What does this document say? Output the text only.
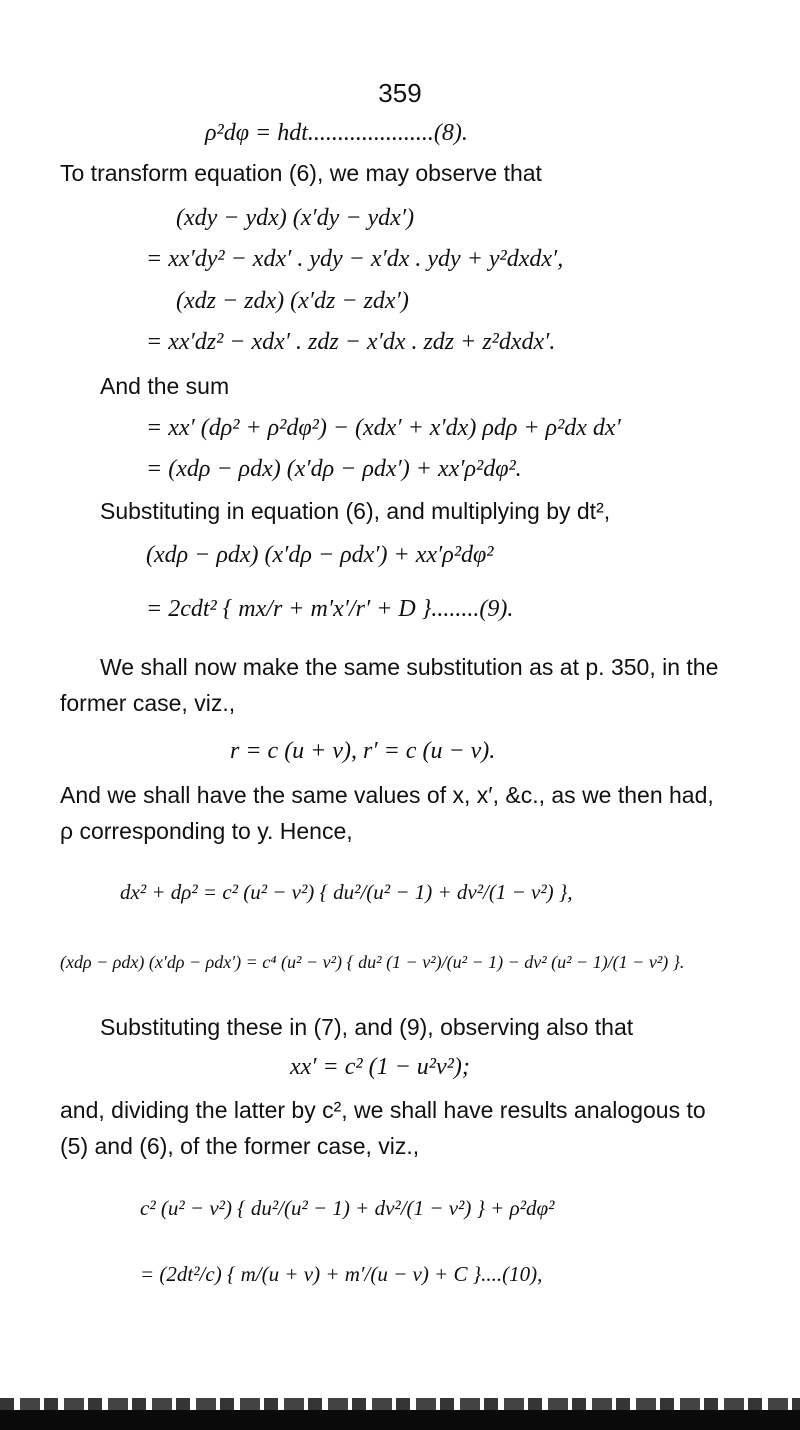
359
ρ²dφ = hdt.....................(8).
To transform equation (6), we may observe that
(xdy − ydx) (x′dy − ydx′)
= xx′dy² − xdx′ . ydy − x′dx . ydy + y²dxdx′,
(xdz − zdx) (x′dz − zdx′)
= xx′dz² − xdx′ . zdz − x′dx . zdz + z²dxdx′.
And the sum
= xx′ (dρ² + ρ²dφ²) − (xdx′ + x′dx) ρdρ + ρ²dx dx′
= (xdρ − ρdx) (x′dρ − ρdx′) + xx′ρ²dφ².
Substituting in equation (6), and multiplying by dt²,
(xdρ − ρdx) (x′dρ − ρdx′) + xx′ρ²dφ²
= 2cdt² { mx/r + m′x′/r′ + D }........(9).
We shall now make the same substitution as at p. 350, in the
former case, viz.,
r = c (u + v), r′ = c (u − v).
And we shall have the same values of x, x′, &c., as we then had,
ρ corresponding to y. Hence,
dx² + dρ² = c² (u² − v²) { du²/(u² − 1) + dv²/(1 − v²) },
(xdρ − ρdx) (x′dρ − ρdx′) = c⁴ (u² − v²) { du² (1 − v²)/(u² − 1) − dv² (u² − 1)/(1 − v²) }.
Substituting these in (7), and (9), observing also that
xx′ = c² (1 − u²v²);
and, dividing the latter by c², we shall have results analogous to
(5) and (6), of the former case, viz.,
c² (u² − v²) { du²/(u² − 1) + dv²/(1 − v²) } + ρ²dφ²
= (2dt²/c) { m/(u + v) + m′/(u − v) + C }....(10),
